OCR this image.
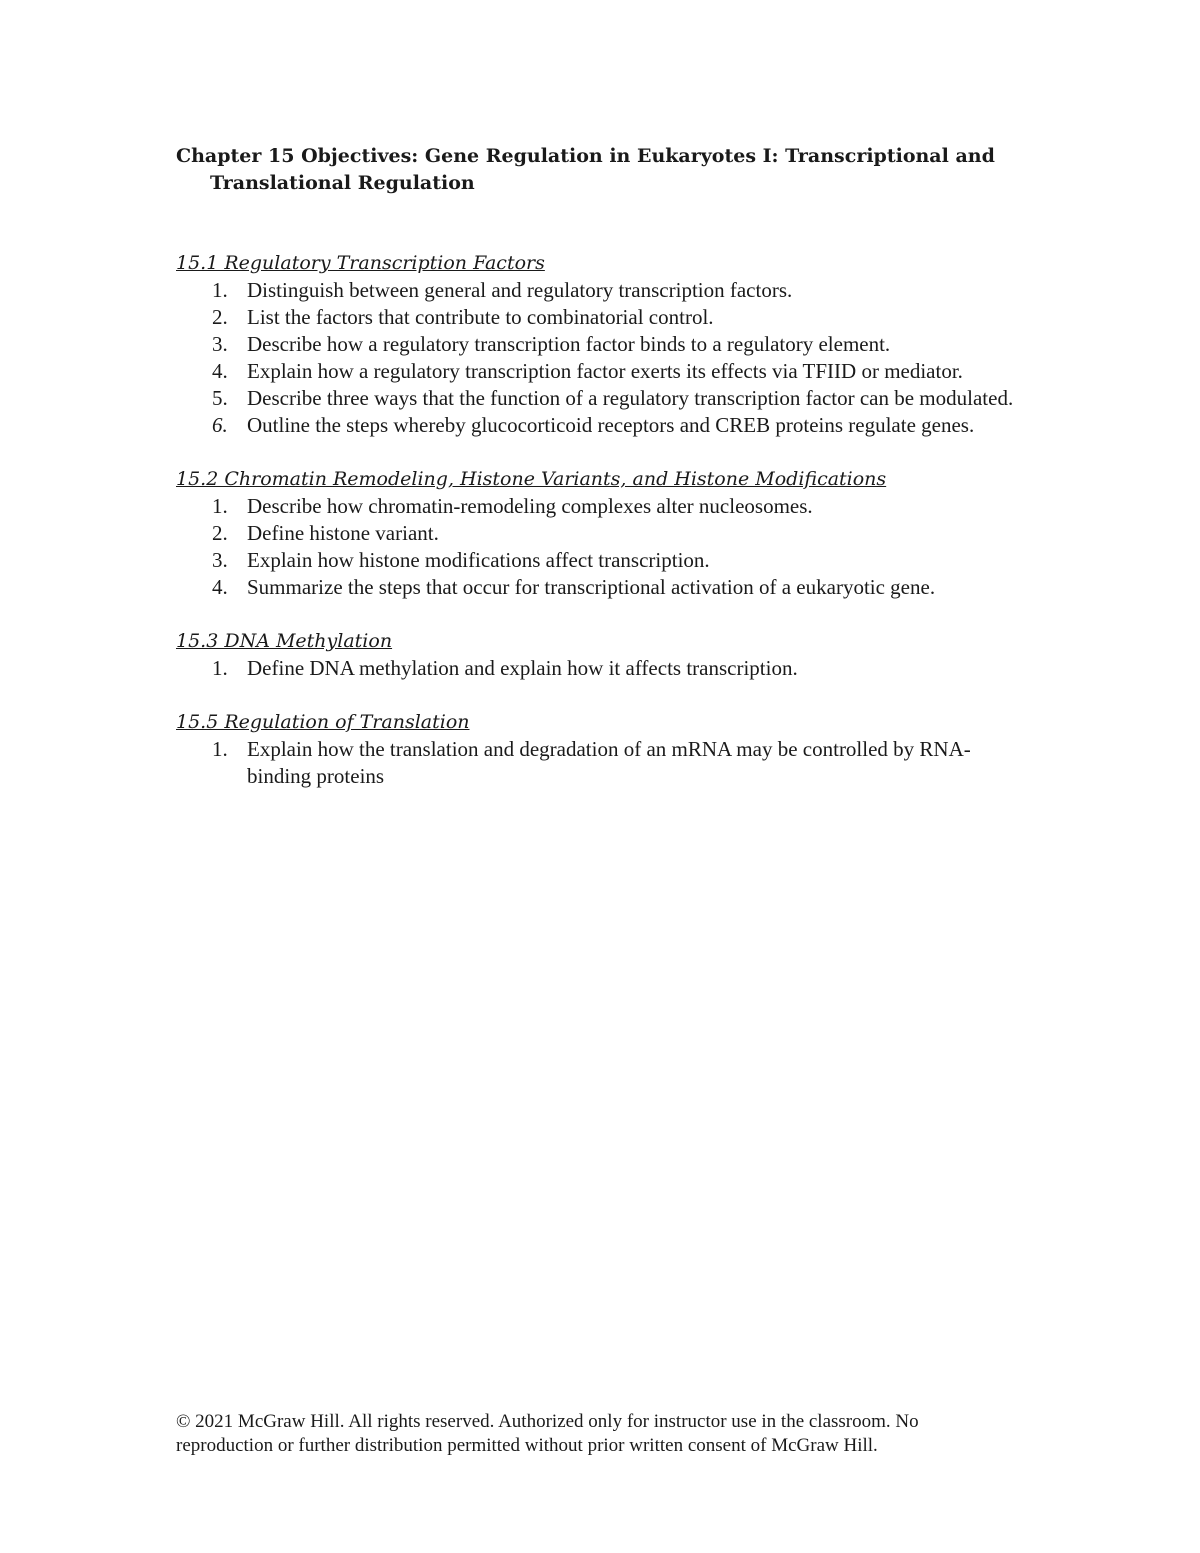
Chapter 15 Objectives: Gene Regulation in Eukaryotes I: Transcriptional and Translational Regulation
15.1 Regulatory Transcription Factors
1. Distinguish between general and regulatory transcription factors.
2. List the factors that contribute to combinatorial control.
3. Describe how a regulatory transcription factor binds to a regulatory element.
4. Explain how a regulatory transcription factor exerts its effects via TFIID or mediator.
5. Describe three ways that the function of a regulatory transcription factor can be modulated.
6. Outline the steps whereby glucocorticoid receptors and CREB proteins regulate genes.
15.2 Chromatin Remodeling, Histone Variants, and Histone Modifications
1. Describe how chromatin-remodeling complexes alter nucleosomes.
2. Define histone variant.
3. Explain how histone modifications affect transcription.
4. Summarize the steps that occur for transcriptional activation of a eukaryotic gene.
15.3 DNA Methylation
1. Define DNA methylation and explain how it affects transcription.
15.5 Regulation of Translation
1. Explain how the translation and degradation of an mRNA may be controlled by RNA-binding proteins
© 2021 McGraw Hill. All rights reserved. Authorized only for instructor use in the classroom. No reproduction or further distribution permitted without prior written consent of McGraw Hill.
